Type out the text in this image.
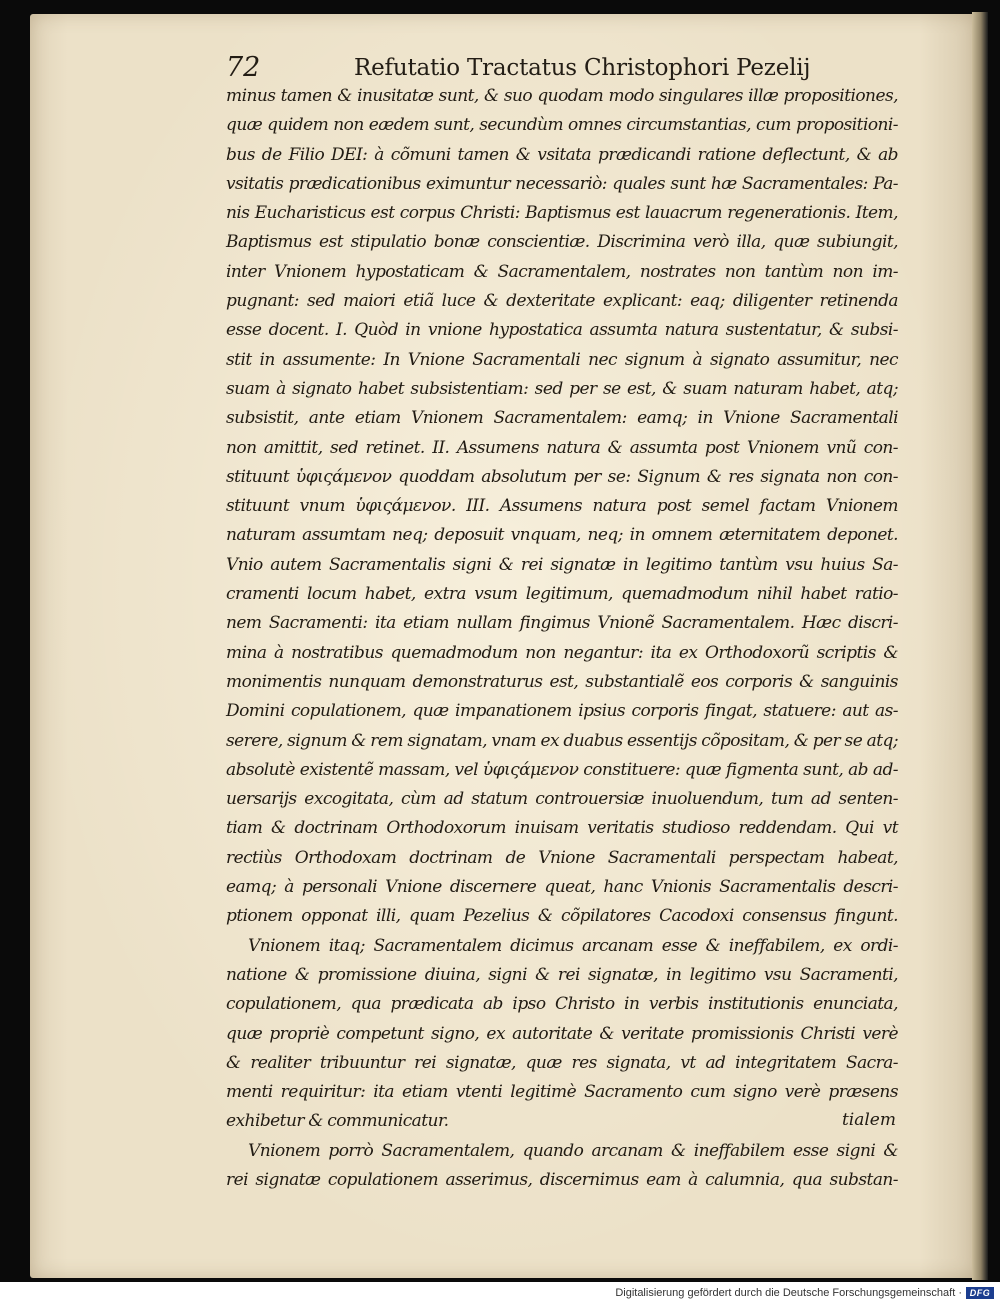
72	Refutatio Tractatus Christophori Pezelij
minus tamen & inusitatæ sunt, & suo quodam modo singulares illæ propositiones,
quæ quidem non eædem sunt, secundùm omnes circumstantias, cum propositioni-
bus de Filio DEI: à cõmuni tamen & vsitata prædicandi ratione deflectunt, & ab
vsitatis prædicationibus eximuntur necessariò: quales sunt hæ Sacramentales: Pa-
nis Eucharisticus est corpus Christi: Baptismus est lauacrum regenerationis. Item,
Baptismus est stipulatio bonæ conscientiæ. Discrimina verò illa, quæ subiungit,
inter Vnionem hypostaticam & Sacramentalem, nostrates non tantùm non im-
pugnant: sed maiori etiã luce & dexteritate explicant: eaq; diligenter retinenda
esse docent. I. Quòd in vnione hypostatica assumta natura sustentatur, & subsi-
stit in assumente: In Vnione Sacramentali nec signum à signato assumitur, nec
suam à signato habet subsistentiam: sed per se est, & suam naturam habet, atq;
subsistit, ante etiam Vnionem Sacramentalem: eamq; in Vnione Sacramentali
non amittit, sed retinet. II. Assumens natura & assumta post Vnionem vnũ con-
stituunt ὑφιςάμενον quoddam absolutum per se: Signum & res signata non con-
stituunt vnum ὑφιςάμενον. III. Assumens natura post semel factam Vnionem
naturam assumtam neq; deposuit vnquam, neq; in omnem æternitatem deponet.
Vnio autem Sacramentalis signi & rei signatæ in legitimo tantùm vsu huius Sa-
cramenti locum habet, extra vsum legitimum, quemadmodum nihil habet ratio-
nem Sacramenti: ita etiam nullam fingimus Vnionẽ Sacramentalem. Hæc discri-
mina à nostratibus quemadmodum non negantur: ita ex Orthodoxorũ scriptis &
monimentis nunquam demonstraturus est, substantialẽ eos corporis & sanguinis
Domini copulationem, quæ impanationem ipsius corporis fingat, statuere: aut as-
serere, signum & rem signatam, vnam ex duabus essentijs cõpositam, & per se atq;
absolutè existentẽ massam, vel ὑφιςάμενον constituere: quæ figmenta sunt, ab ad-
uersarijs excogitata, cùm ad statum controuersiæ inuoluendum, tum ad senten-
tiam & doctrinam Orthodoxorum inuisam veritatis studioso reddendam. Qui vt
rectiùs Orthodoxam doctrinam de Vnione Sacramentali perspectam habeat,
eamq; à personali Vnione discernere queat, hanc Vnionis Sacramentalis descri-
ptionem opponat illi, quam Pezelius & cõpilatores Cacodoxi consensus fingunt.
Vnionem itaq; Sacramentalem dicimus arcanam esse & ineffabilem, ex ordi-
natione & promissione diuina, signi & rei signatæ, in legitimo vsu Sacramenti,
copulationem, qua prædicata ab ipso Christo in verbis institutionis enunciata,
quæ propriè competunt signo, ex autoritate & veritate promissionis Christi verè
& realiter tribuuntur rei signatæ, quæ res signata, vt ad integritatem Sacra-
menti requiritur: ita etiam vtenti legitimè Sacramento cum signo verè præsens
exhibetur & communicatur.
Vnionem porrò Sacramentalem, quando arcanam & ineffabilem esse signi &
rei signatæ copulationem asserimus, discernimus eam à calumnia, qua substan-
tialem
Digitalisierung gefördert durch die Deutsche Forschungsgemeinschaft · DFG
